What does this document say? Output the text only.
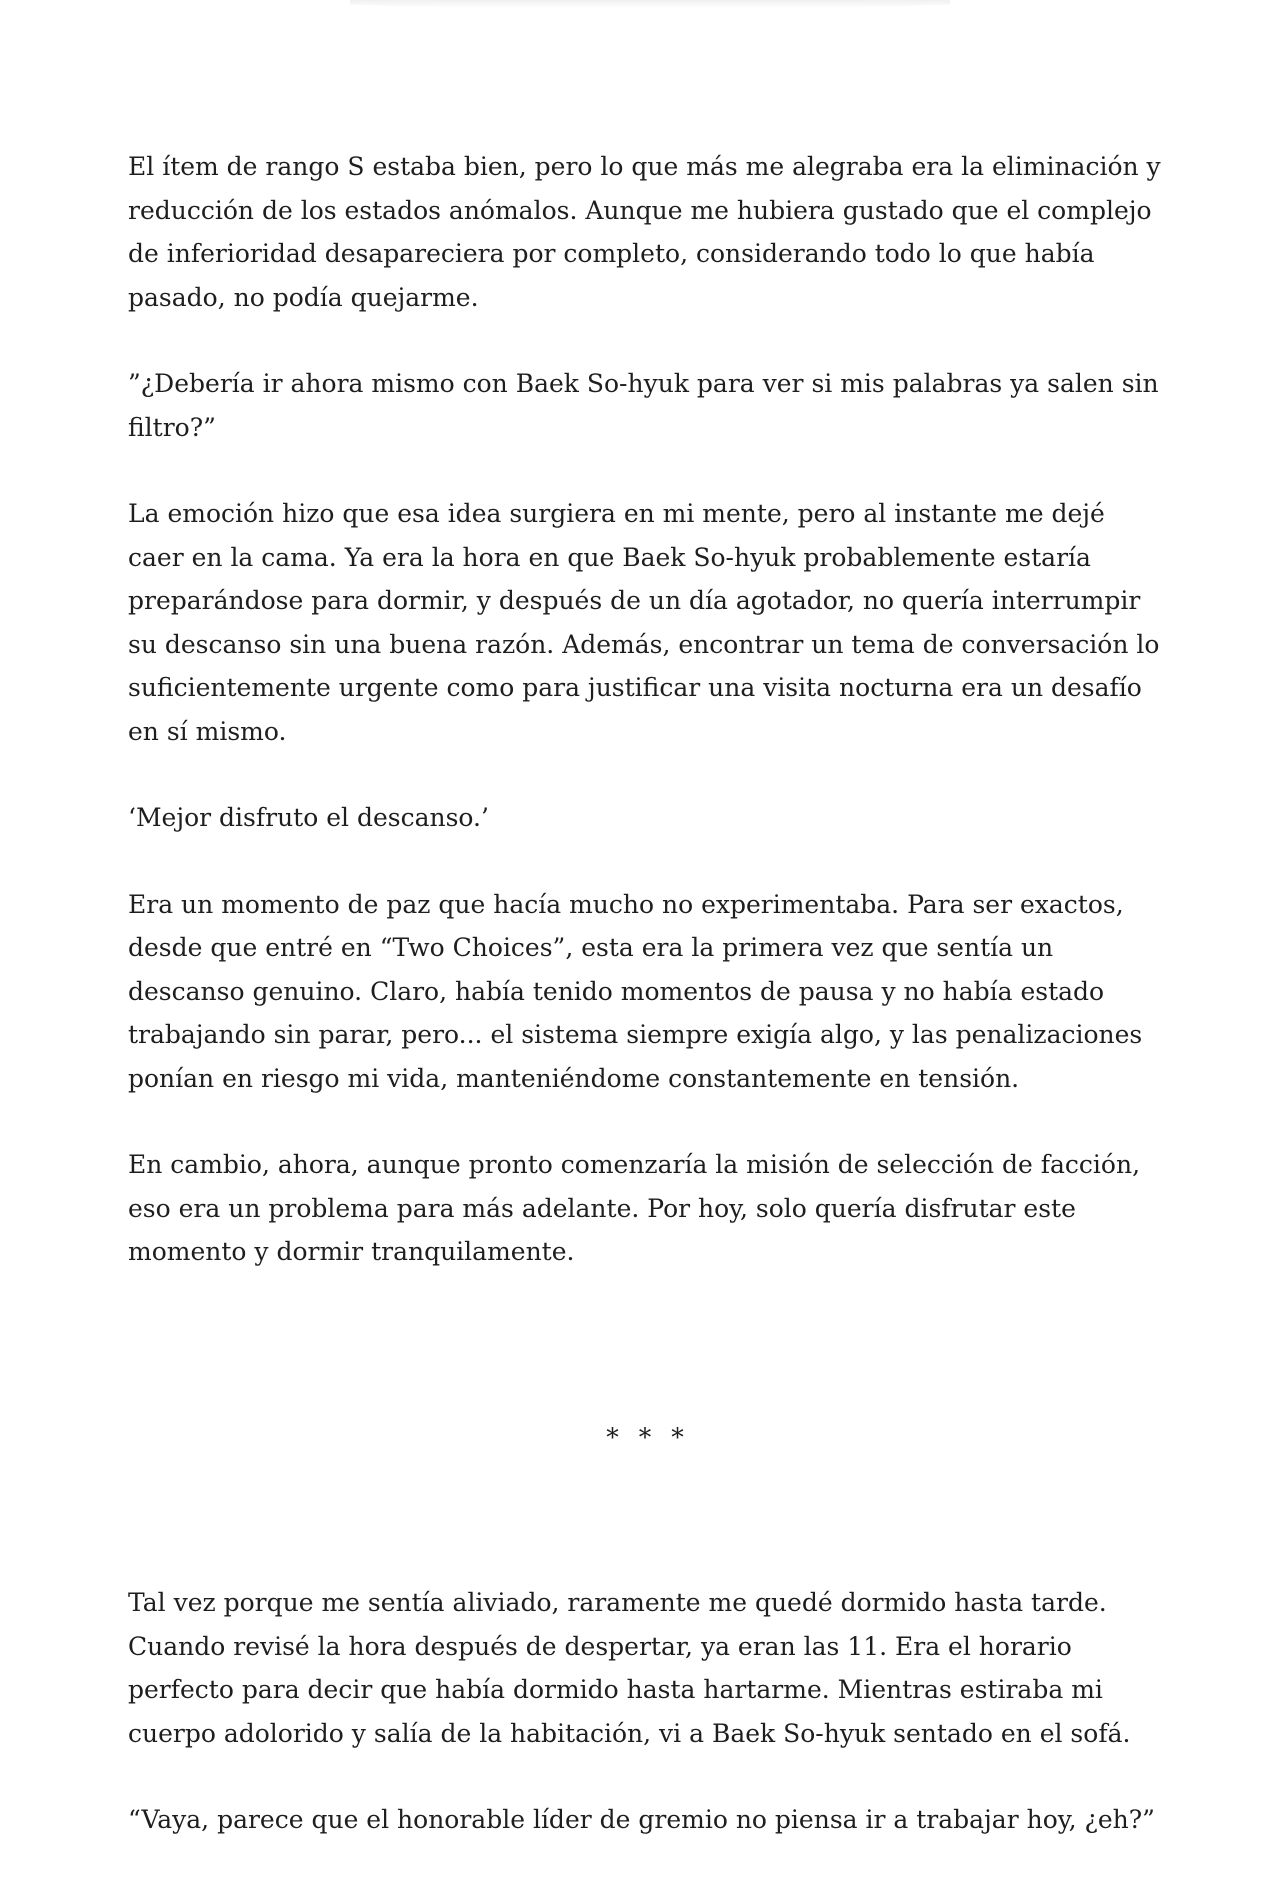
El ítem de rango S estaba bien, pero lo que más me alegraba era la eliminación y reducción de los estados anómalos. Aunque me hubiera gustado que el complejo de inferioridad desapareciera por completo, considerando todo lo que había pasado, no podía quejarme.

”¿Debería ir ahora mismo con Baek So-hyuk para ver si mis palabras ya salen sin filtro?”

La emoción hizo que esa idea surgiera en mi mente, pero al instante me dejé caer en la cama. Ya era la hora en que Baek So-hyuk probablemente estaría preparándose para dormir, y después de un día agotador, no quería interrumpir su descanso sin una buena razón. Además, encontrar un tema de conversación lo suficientemente urgente como para justificar una visita nocturna era un desafío en sí mismo.

‘Mejor disfruto el descanso.’

Era un momento de paz que hacía mucho no experimentaba. Para ser exactos, desde que entré en “Two Choices”, esta era la primera vez que sentía un descanso genuino. Claro, había tenido momentos de pausa y no había estado trabajando sin parar, pero... el sistema siempre exigía algo, y las penalizaciones ponían en riesgo mi vida, manteniéndome constantemente en tensión.

En cambio, ahora, aunque pronto comenzaría la misión de selección de facción, eso era un problema para más adelante. Por hoy, solo quería disfrutar este momento y dormir tranquilamente.

* * *

Tal vez porque me sentía aliviado, raramente me quedé dormido hasta tarde. Cuando revisé la hora después de despertar, ya eran las 11. Era el horario perfecto para decir que había dormido hasta hartarme. Mientras estiraba mi cuerpo adolorido y salía de la habitación, vi a Baek So-hyuk sentado en el sofá.

“Vaya, parece que el honorable líder de gremio no piensa ir a trabajar hoy, ¿eh?”
